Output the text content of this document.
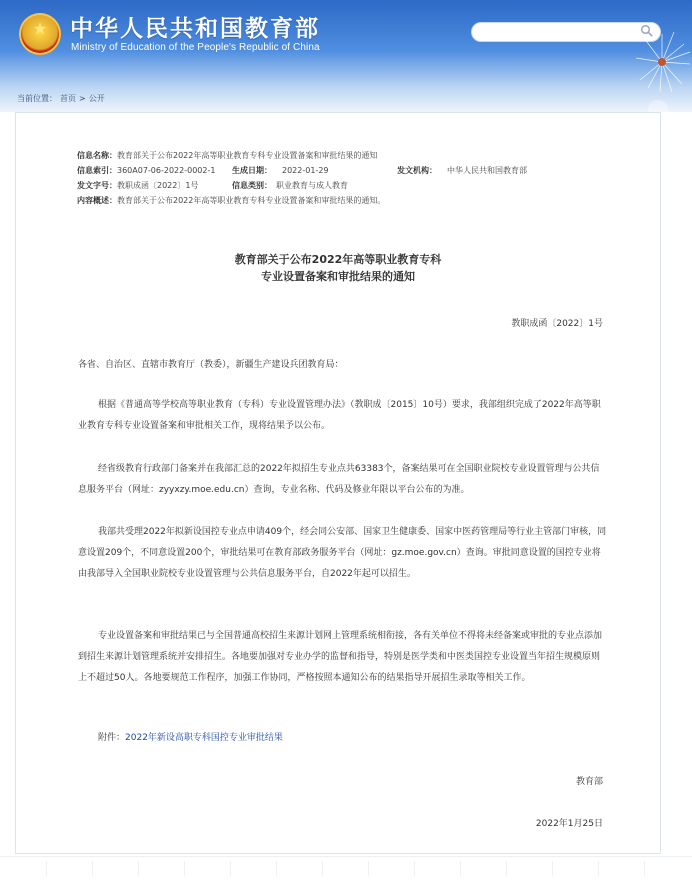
★ 中华人民共和国教育部
Ministry of Education of the People's Republic of China
当前位置： 首页 > 公开
信息名称：教育部关于公布2022年高等职业教育专科专业设置备案和审批结果的通知
信息索引：360A07-06-2022-0002-1 生成日期： 2022-01-29	发文机构： 中华人民共和国教育部
发文字号：教职成函〔2022〕1号	信息类别： 职业教育与成人教育
内容概述：教育部关于公布2022年高等职业教育专科专业设置备案和审批结果的通知。
教育部关于公布2022年高等职业教育专科
专业设置备案和审批结果的通知
教职成函〔2022〕1号
各省、自治区、直辖市教育厅（教委），新疆生产建设兵团教育局：
根据《普通高等学校高等职业教育（专科）专业设置管理办法》（教职成〔2015〕10号）要求，我部组织完成了2022年高等职业教育专科专业设置备案和审批相关工作，现将结果予以公布。
经省级教育行政部门备案并在我部汇总的2022年拟招生专业点共63383个，备案结果可在全国职业院校专业设置管理与公共信息服务平台（网址：zyyxzy.moe.edu.cn）查询，专业名称、代码及修业年限以平台公布的为准。
我部共受理2022年拟新设国控专业点申请409个，经会同公安部、国家卫生健康委、国家中医药管理局等行业主管部门审核，同意设置209个，不同意设置200个，审批结果可在教育部政务服务平台（网址：gz.moe.gov.cn）查询。审批同意设置的国控专业将由我部导入全国职业院校专业设置管理与公共信息服务平台，自2022年起可以招生。
专业设置备案和审批结果已与全国普通高校招生来源计划网上管理系统相衔接，各有关单位不得将未经备案或审批的专业点添加到招生来源计划管理系统并安排招生。各地要加强对专业办学的监督和指导，特别是医学类和中医类国控专业设置当年招生规模原则上不超过50人。各地要规范工作程序，加强工作协同，严格按照本通知公布的结果指导开展招生录取等相关工作。
附件：2022年新设高职专科国控专业审批结果
教育部
2022年1月25日
